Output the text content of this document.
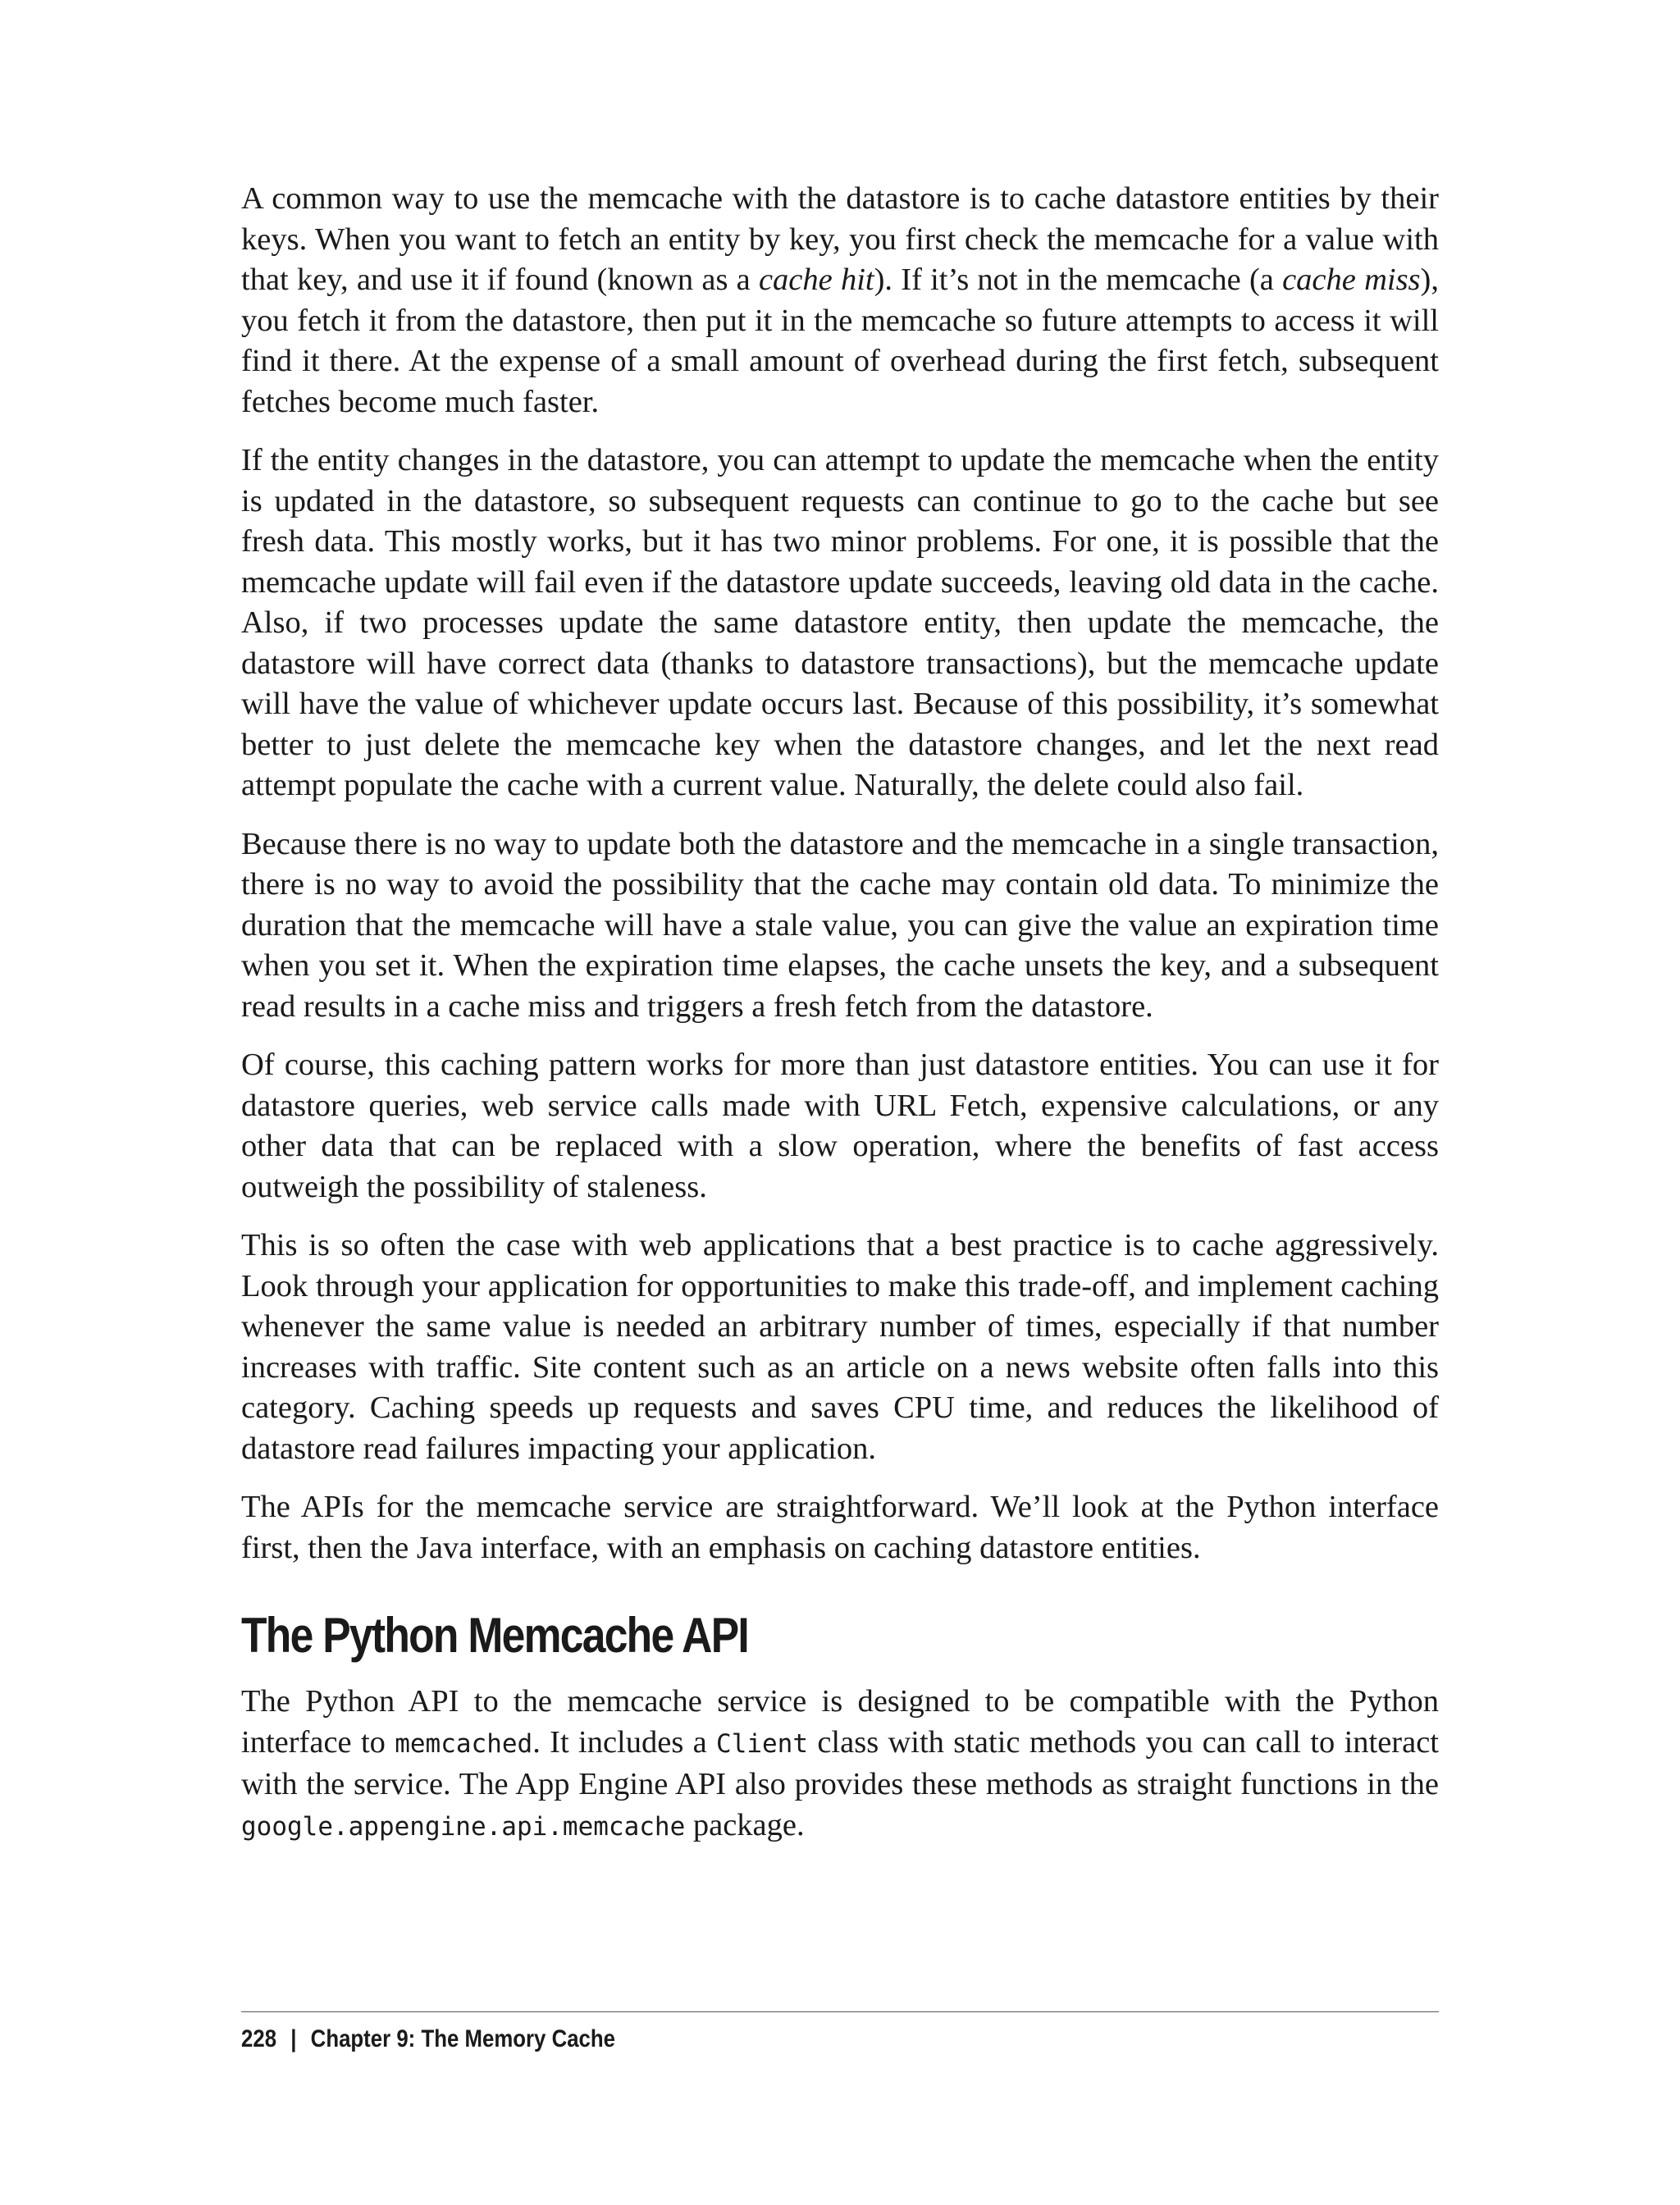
A common way to use the memcache with the datastore is to cache datastore entities by their keys. When you want to fetch an entity by key, you first check the memcache for a value with that key, and use it if found (known as a cache hit). If it’s not in the memcache (a cache miss), you fetch it from the datastore, then put it in the memcache so future attempts to access it will find it there. At the expense of a small amount of overhead during the first fetch, subsequent fetches become much faster.

If the entity changes in the datastore, you can attempt to update the memcache when the entity is updated in the datastore, so subsequent requests can continue to go to the cache but see fresh data. This mostly works, but it has two minor problems. For one, it is possible that the memcache update will fail even if the datastore update succeeds, leaving old data in the cache. Also, if two processes update the same datastore entity, then update the memcache, the datastore will have correct data (thanks to datastore transactions), but the memcache update will have the value of whichever update occurs last. Because of this possibility, it’s somewhat better to just delete the memcache key when the datastore changes, and let the next read attempt populate the cache with a current value. Naturally, the delete could also fail.

Because there is no way to update both the datastore and the memcache in a single transaction, there is no way to avoid the possibility that the cache may contain old data. To minimize the duration that the memcache will have a stale value, you can give the value an expiration time when you set it. When the expiration time elapses, the cache unsets the key, and a subsequent read results in a cache miss and triggers a fresh fetch from the datastore.

Of course, this caching pattern works for more than just datastore entities. You can use it for datastore queries, web service calls made with URL Fetch, expensive calculations, or any other data that can be replaced with a slow operation, where the benefits of fast access outweigh the possibility of staleness.

This is so often the case with web applications that a best practice is to cache aggressively. Look through your application for opportunities to make this trade-off, and implement caching whenever the same value is needed an arbitrary number of times, especially if that number increases with traffic. Site content such as an article on a news website often falls into this category. Caching speeds up requests and saves CPU time, and reduces the likelihood of datastore read failures impacting your application.

The APIs for the memcache service are straightforward. We’ll look at the Python interface first, then the Java interface, with an emphasis on caching datastore entities.

The Python Memcache API

The Python API to the memcache service is designed to be compatible with the Python interface to memcached. It includes a Client class with static methods you can call to interact with the service. The App Engine API also provides these methods as straight functions in the google.appengine.api.memcache package.

228 | Chapter 9: The Memory Cache
